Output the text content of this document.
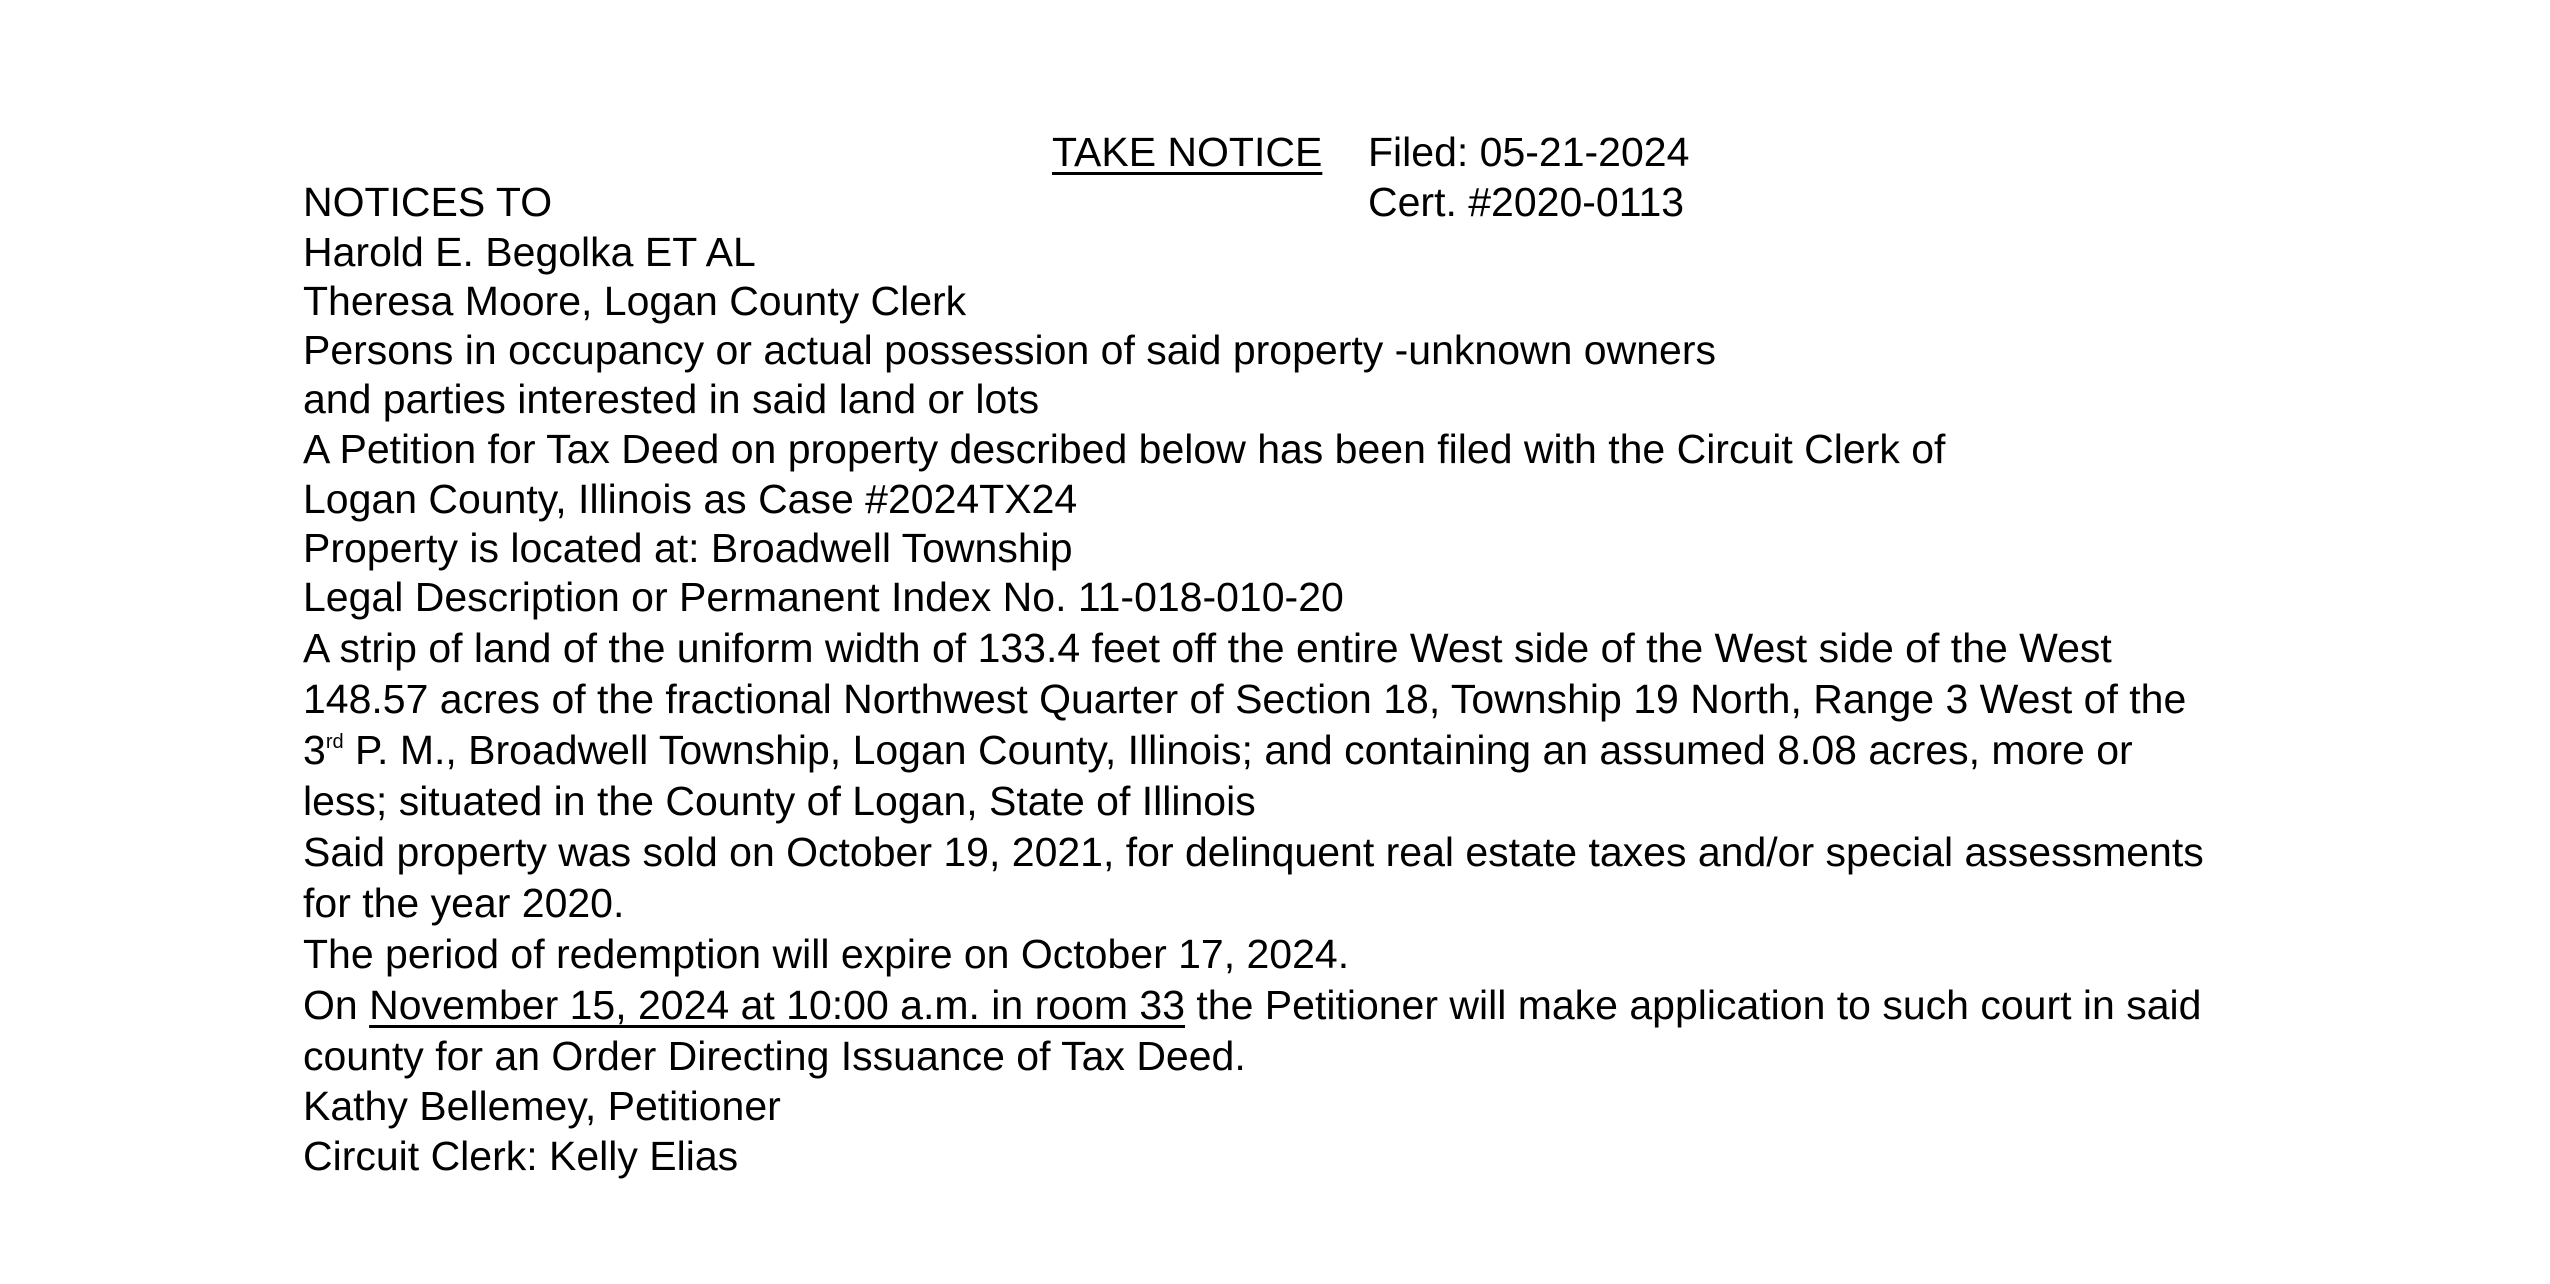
TAKE NOTICE Filed: 05-21-2024
Cert. #2020-0113
NOTICES TO
Harold E. Begolka ET AL
Theresa Moore, Logan County Clerk
Persons in occupancy or actual possession of said property -unknown owners
and parties interested in said land or lots
A Petition for Tax Deed on property described below has been filed with the Circuit Clerk of
Logan County, Illinois as Case #2024TX24
Property is located at: Broadwell Township
Legal Description or Permanent Index No. 11-018-010-20
A strip of land of the uniform width of 133.4 feet off the entire West side of the West side of the West
148.57 acres of the fractional Northwest Quarter of Section 18, Township 19 North, Range 3 West of the
3rd P. M., Broadwell Township, Logan County, Illinois; and containing an assumed 8.08 acres, more or
less; situated in the County of Logan, State of Illinois
Said property was sold on October 19, 2021, for delinquent real estate taxes and/or special assessments
for the year 2020.
The period of redemption will expire on October 17, 2024.
On November 15, 2024 at 10:00 a.m. in room 33 the Petitioner will make application to such court in said
county for an Order Directing Issuance of Tax Deed.
Kathy Bellemey, Petitioner
Circuit Clerk: Kelly Elias
